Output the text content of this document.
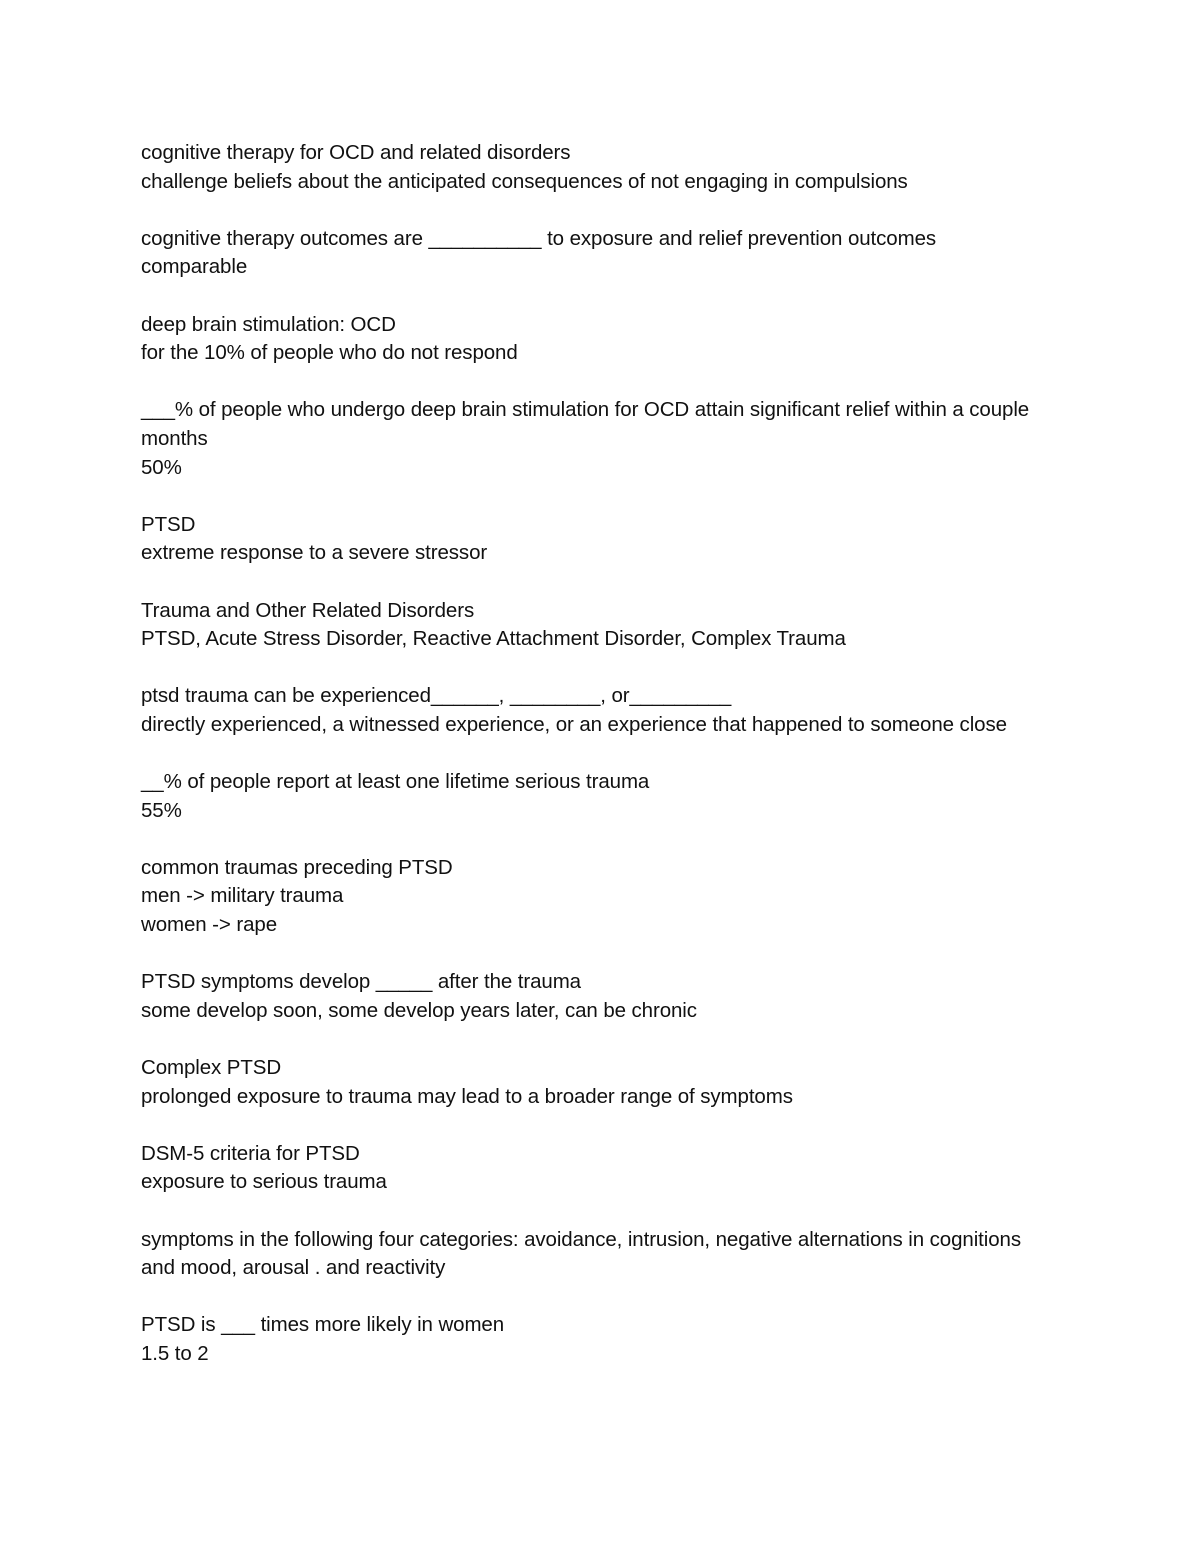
cognitive therapy for OCD and related disorders
challenge beliefs about the anticipated consequences of not engaging in compulsions
cognitive therapy outcomes are __________ to exposure and relief prevention outcomes
comparable
deep brain stimulation: OCD
for the 10% of people who do not respond
___% of people who undergo deep brain stimulation for OCD attain significant relief within a couple months
50%
PTSD
extreme response to a severe stressor
Trauma and Other Related Disorders
PTSD, Acute Stress Disorder, Reactive Attachment Disorder, Complex Trauma
ptsd trauma can be experienced______, ________, or_________
directly experienced, a witnessed experience, or an experience that happened to someone close
__% of people report at least one lifetime serious trauma
55%
common traumas preceding PTSD
men -> military trauma
women -> rape
PTSD symptoms develop _____ after the trauma
some develop soon, some develop years later, can be chronic
Complex PTSD
prolonged exposure to trauma may lead to a broader range of symptoms
DSM-5 criteria for PTSD
exposure to serious trauma
symptoms in the following four categories: avoidance, intrusion, negative alternations in cognitions and mood, arousal . and reactivity
PTSD is ___ times more likely in women
1.5 to 2
